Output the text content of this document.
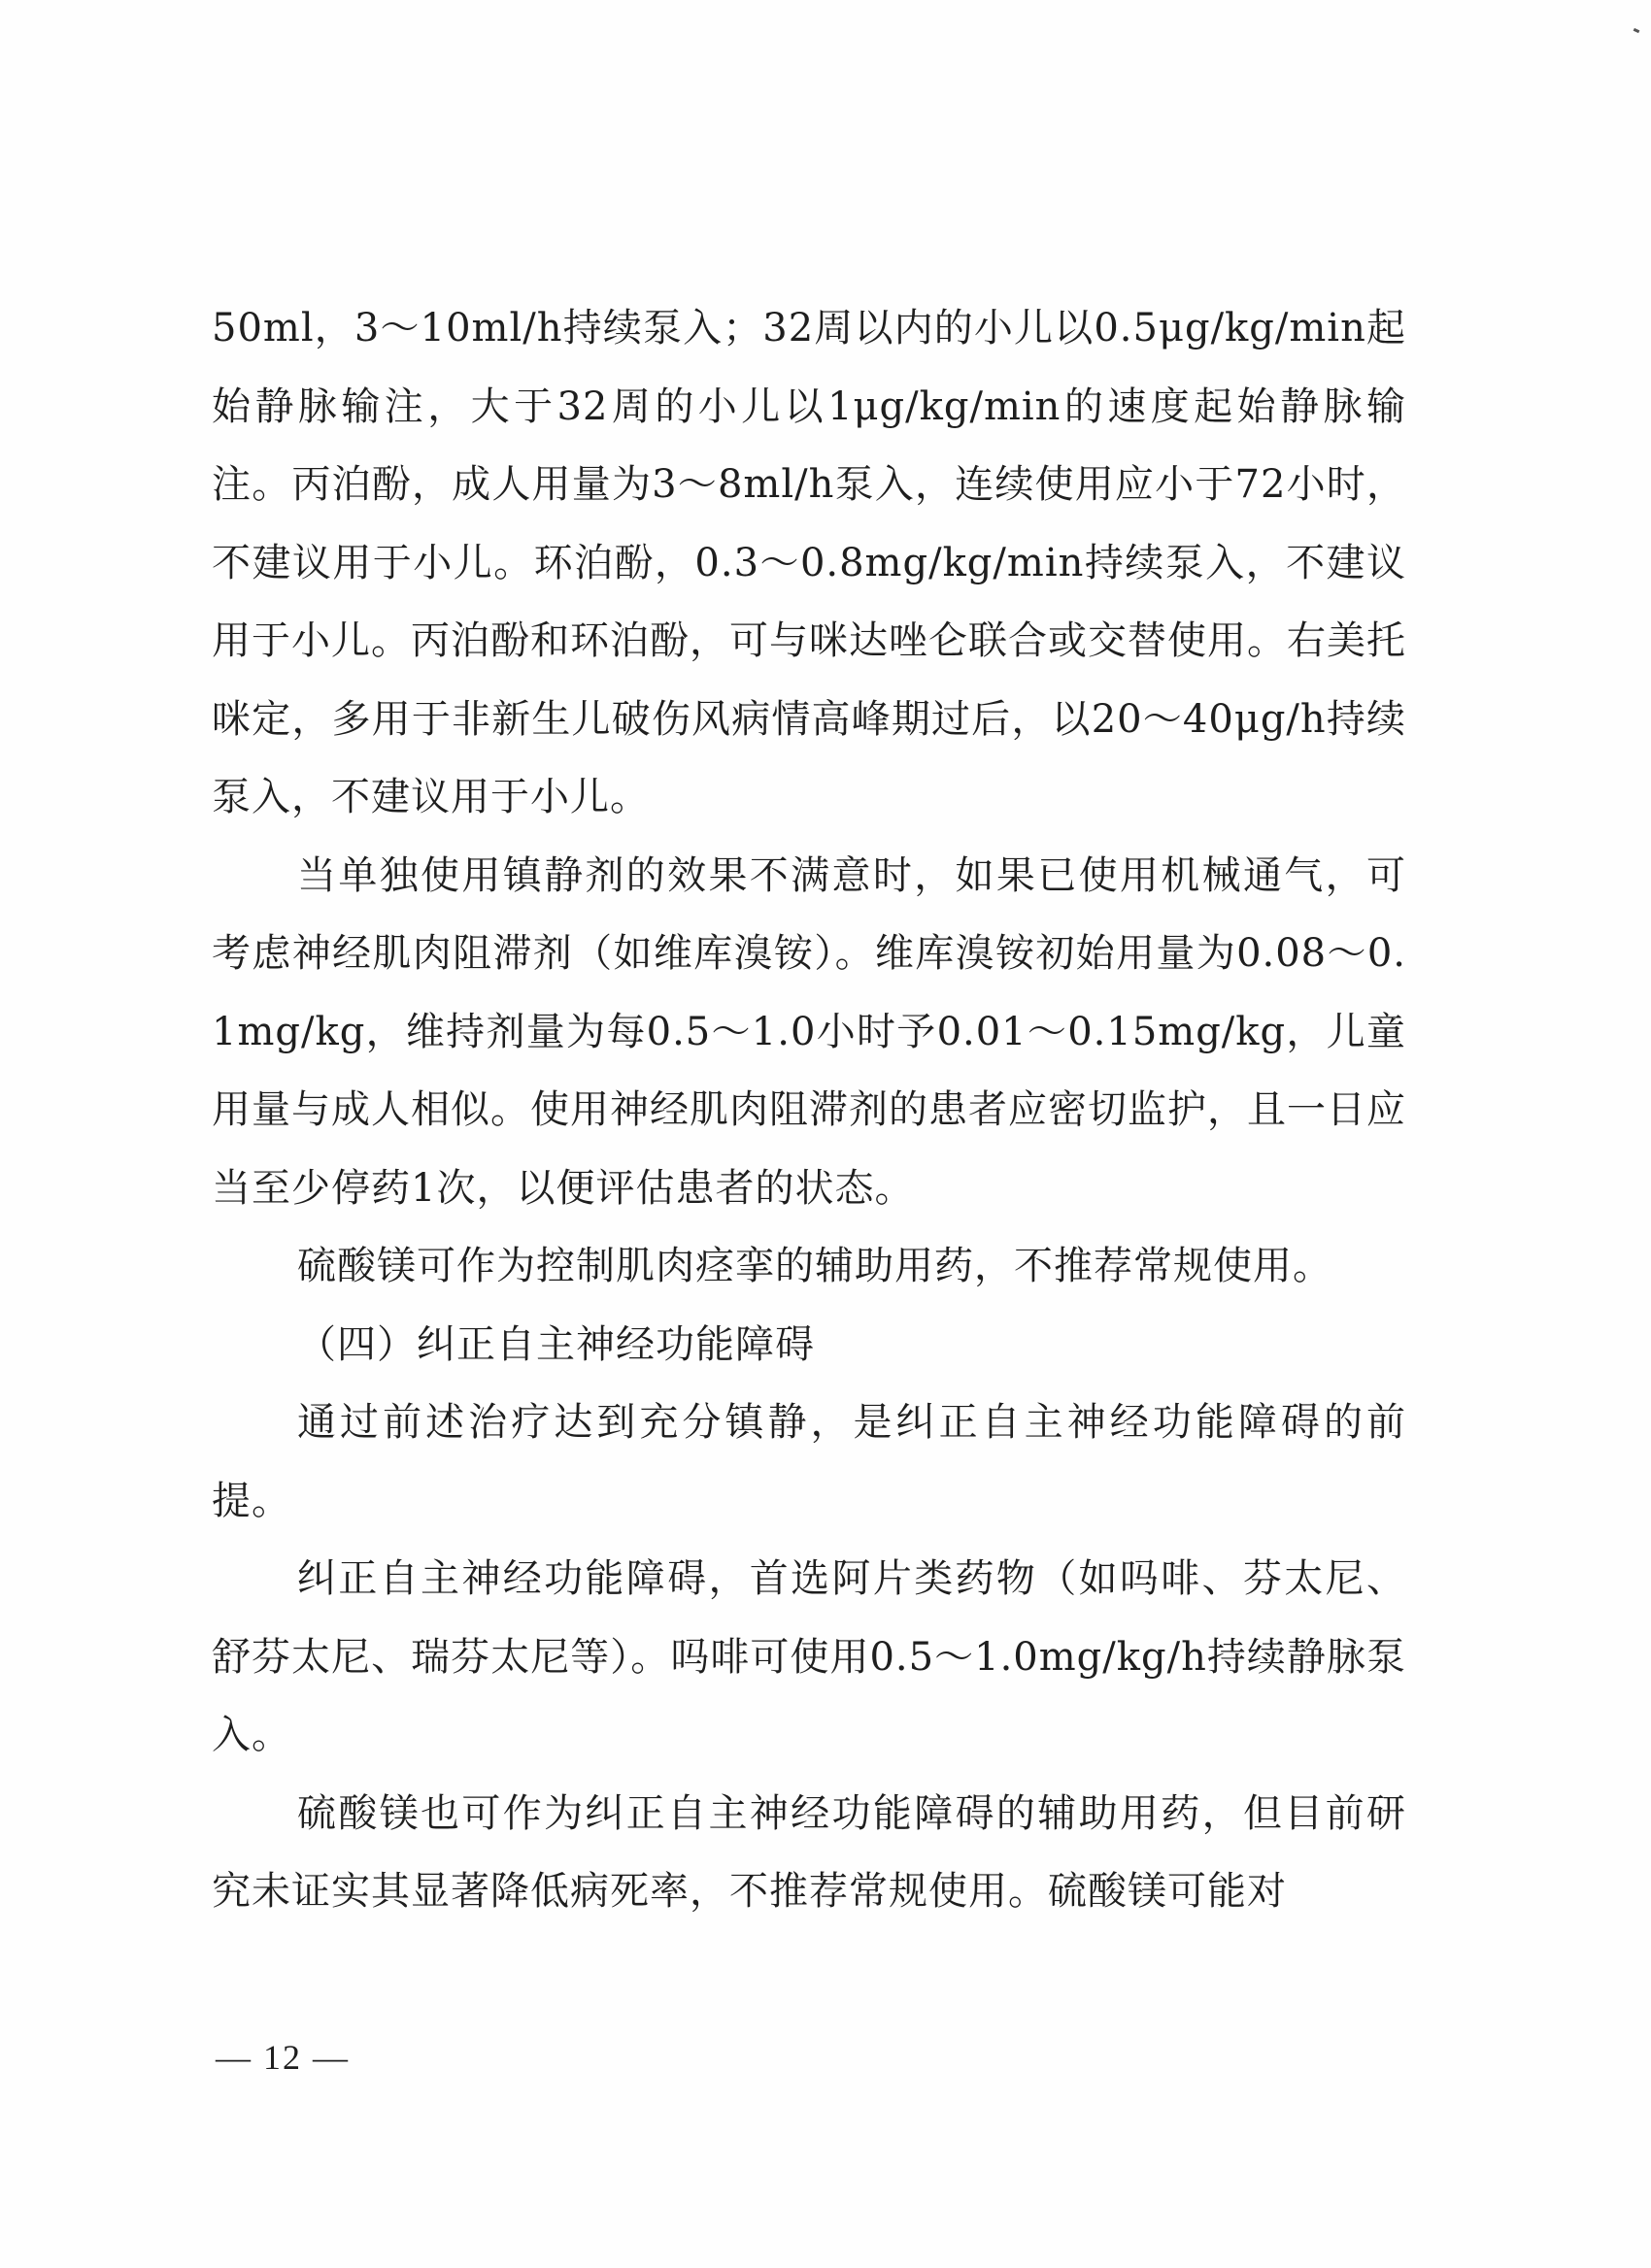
50ml，3～10ml/h持续泵入；32周以内的小儿以0.5μg/kg/min起始静脉输注，大于32周的小儿以1μg/kg/min的速度起始静脉输注。丙泊酚，成人用量为3～8ml/h泵入，连续使用应小于72小时，不建议用于小儿。环泊酚，0.3～0.8mg/kg/min持续泵入，不建议用于小儿。丙泊酚和环泊酚，可与咪达唑仑联合或交替使用。右美托咪定，多用于非新生儿破伤风病情高峰期过后，以20～40μg/h持续泵入，不建议用于小儿。

当单独使用镇静剂的效果不满意时，如果已使用机械通气，可考虑神经肌肉阻滞剂（如维库溴铵）。维库溴铵初始用量为0.08～0.1mg/kg，维持剂量为每0.5～1.0小时予0.01～0.15mg/kg，儿童用量与成人相似。使用神经肌肉阻滞剂的患者应密切监护，且一日应当至少停药1次，以便评估患者的状态。

硫酸镁可作为控制肌肉痉挛的辅助用药，不推荐常规使用。

（四）纠正自主神经功能障碍

通过前述治疗达到充分镇静，是纠正自主神经功能障碍的前提。

纠正自主神经功能障碍，首选阿片类药物（如吗啡、芬太尼、舒芬太尼、瑞芬太尼等）。吗啡可使用0.5～1.0mg/kg/h持续静脉泵入。

硫酸镁也可作为纠正自主神经功能障碍的辅助用药，但目前研究未证实其显著降低病死率，不推荐常规使用。硫酸镁可能对

— 12 —
